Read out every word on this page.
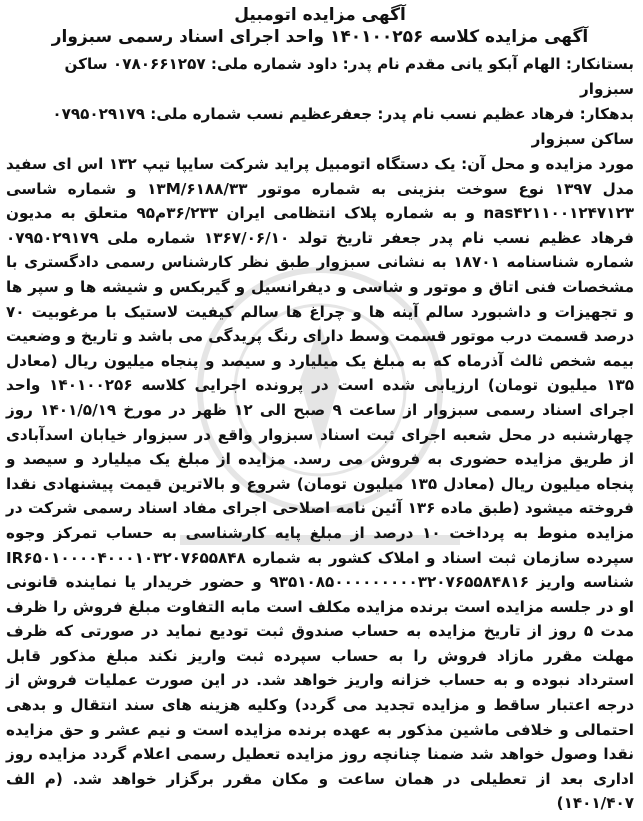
آگهی مزایده اتومبیل
آگهی مزایده کلاسه ۱۴۰۱۰۰۲۵۶ واحد اجرای اسناد رسمی سبزوار

بستانکار: الهام آبکو یانی مقدم نام پدر: داود شماره ملی: ۰۷۸۰۶۶۱۲۵۷ ساکن سبزوار

بدهکار: فرهاد عظیم نسب نام پدر: جعفرعظیم نسب شماره ملی: ۰۷۹۵۰۲۹۱۷۹ ساکن سبزوار

مورد مزایده و محل آن: یک دستگاه اتومبیل پراید شرکت سایپا تیپ ۱۳۲ اس ای سفید مدل ۱۳۹۷ نوع سوخت بنزینی به شماره موتور ۱۳M/۶۱۸۸/۳۳ و شماره شاسی nas۴۲۱۱۰۰۱۲۴۷۱۲۳ و به شماره پلاک انتظامی ایران ۳۶/۲۳۳م۹۵ متعلق به مدیون فرهاد عظیم نسب نام پدر جعفر تاریخ تولد ۱۳۶۷/۰۶/۱۰ شماره ملی ۰۷۹۵۰۲۹۱۷۹ شماره شناسنامه ۱۸۷۰۱ به نشانی سبزوار طبق نظر کارشناس رسمی دادگستری با مشخصات فنی اتاق و موتور و شاسی و دیفرانسیل و گیربکس و شیشه ها و سپر ها و تجهیزات و داشبورد سالم آینه ها و چراغ ها سالم کیفیت لاستیک با مرغوبیت ۷۰ درصد قسمت درب موتور قسمت وسط دارای رنگ پریدگی می باشد و تاریخ و وضعیت بیمه شخص ثالث آذرماه که به مبلغ یک میلیارد و سیصد و پنجاه میلیون ریال (معادل ۱۳۵ میلیون تومان) ارزیابی شده است در پرونده اجرایی کلاسه ۱۴۰۱۰۰۲۵۶ واحد اجرای اسناد رسمی سبزوار از ساعت ۹ صبح الی ۱۲ ظهر در مورخ ۱۴۰۱/۵/۱۹ روز چهارشنبه در محل شعبه اجرای ثبت اسناد سبزوار واقع در سبزوار خیابان اسدآبادی از طریق مزایده حضوری به فروش می رسد. مزایده از مبلغ یک میلیارد و سیصد و پنجاه میلیون ریال (معادل ۱۳۵ میلیون تومان) شروع و بالاترین قیمت پیشنهادی نقدا فروخته میشود (طبق ماده ۱۳۶ آئین نامه اصلاحی اجرای مفاد اسناد رسمی شرکت در مزایده منوط به پرداخت ۱۰ درصد از مبلغ پایه کارشناسی به حساب تمرکز وجوه سپرده سازمان ثبت اسناد و املاک کشور به شماره IR۶۵۰۱۰۰۰۰۴۰۰۰۱۰۳۲۰۷۶۵۵۸۴۸ شناسه واریز ۹۳۵۱۰۸۵۰۰۰۰۰۰۰۰۰۳۲۰۷۶۵۵۸۴۸۱۶ و حضور خریدار یا نماینده قانونی او در جلسه مزایده است برنده مزایده مکلف است مابه التفاوت مبلغ فروش را ظرف مدت ۵ روز از تاریخ مزایده به حساب صندوق ثبت تودیع نماید در صورتی که ظرف مهلت مقرر مازاد فروش را به حساب سپرده ثبت واریز نکند مبلغ مذکور قابل استرداد نبوده و به حساب خزانه واریز خواهد شد. در این صورت عملیات فروش از درجه اعتبار ساقط و مزایده تجدید می گردد) وکلیه هزینه های سند انتقال و بدهی احتمالی و خلافی ماشین مذکور به عهده برنده مزایده است و نیم عشر و حق مزایده نقدا وصول خواهد شد ضمنا چنانچه روز مزایده تعطیل رسمی اعلام گردد مزایده روز اداری بعد از تعطیلی در همان ساعت و مکان مقرر برگزار خواهد شد. (م الف ۱۴۰۱/۴۰۷)
